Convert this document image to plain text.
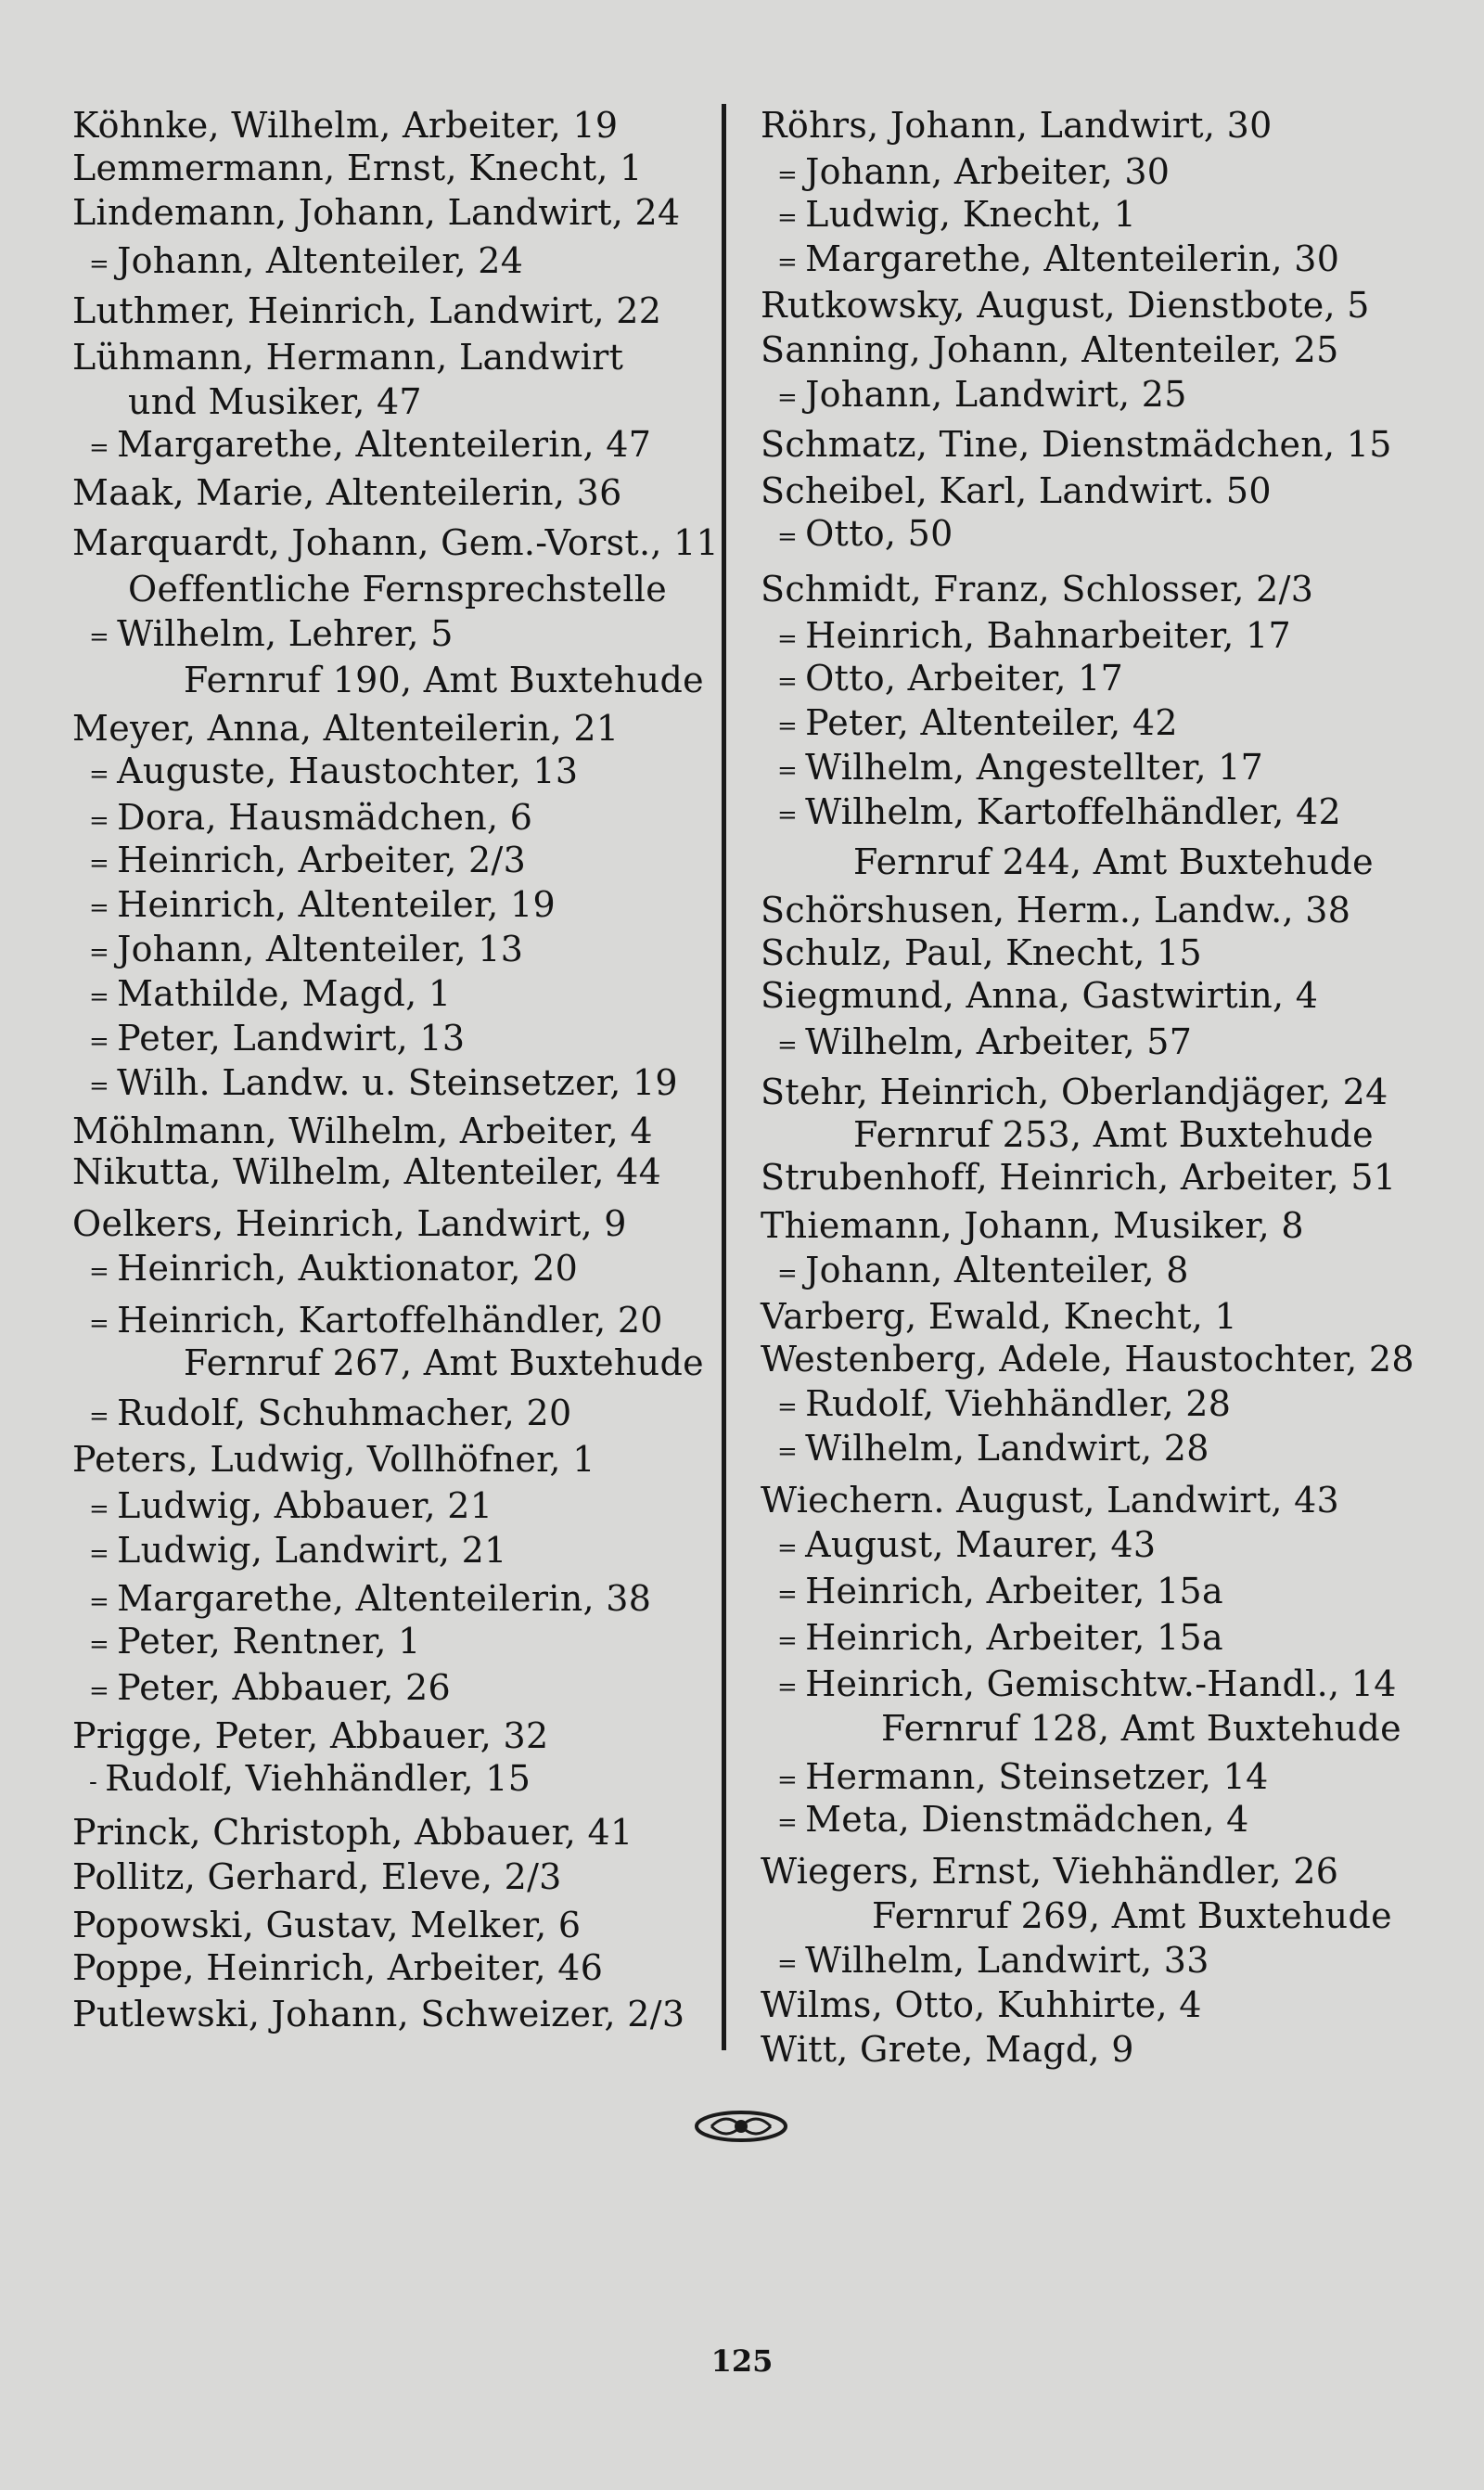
Köhnke, Wilhelm, Arbeiter, 19
Lemmermann, Ernst, Knecht, 1
Lindemann, Johann, Landwirt, 24
= Johann, Altenteiler, 24
Luthmer, Heinrich, Landwirt, 22
Lühmann, Hermann, Landwirt
und Musiker, 47
= Margarethe, Altenteilerin, 47
Maak, Marie, Altenteilerin, 36
Marquardt, Johann, Gem.-Vorst., 11
Oeffentliche Fernsprechstelle
= Wilhelm, Lehrer, 5
Fernruf 190, Amt Buxtehude
Meyer, Anna, Altenteilerin, 21
= Auguste, Haustochter, 13
= Dora, Hausmädchen, 6
= Heinrich, Arbeiter, 2/3
= Heinrich, Altenteiler, 19
= Johann, Altenteiler, 13
= Mathilde, Magd, 1
= Peter, Landwirt, 13
= Wilh. Landw. u. Steinsetzer, 19
Möhlmann, Wilhelm, Arbeiter, 4
Nikutta, Wilhelm, Altenteiler, 44
Oelkers, Heinrich, Landwirt, 9
= Heinrich, Auktionator, 20
= Heinrich, Kartoffelhändler, 20
Fernruf 267, Amt Buxtehude
= Rudolf, Schuhmacher, 20
Peters, Ludwig, Vollhöfner, 1
= Ludwig, Abbauer, 21
= Ludwig, Landwirt, 21
= Margarethe, Altenteilerin, 38
= Peter, Rentner, 1
= Peter, Abbauer, 26
Prigge, Peter, Abbauer, 32
- Rudolf, Viehhändler, 15
Princk, Christoph, Abbauer, 41
Pollitz, Gerhard, Eleve, 2/3
Popowski, Gustav, Melker, 6
Poppe, Heinrich, Arbeiter, 46
Putlewski, Johann, Schweizer, 2/3
Röhrs, Johann, Landwirt, 30
= Johann, Arbeiter, 30
= Ludwig, Knecht, 1
= Margarethe, Altenteilerin, 30
Rutkowsky, August, Dienstbote, 5
Sanning, Johann, Altenteiler, 25
= Johann, Landwirt, 25
Schmatz, Tine, Dienstmädchen, 15
Scheibel, Karl, Landwirt. 50
= Otto, 50
Schmidt, Franz, Schlosser, 2/3
= Heinrich, Bahnarbeiter, 17
= Otto, Arbeiter, 17
= Peter, Altenteiler, 42
= Wilhelm, Angestellter, 17
= Wilhelm, Kartoffelhändler, 42
Fernruf 244, Amt Buxtehude
Schörshusen, Herm., Landw., 38
Schulz, Paul, Knecht, 15
Siegmund, Anna, Gastwirtin, 4
= Wilhelm, Arbeiter, 57
Stehr, Heinrich, Oberlandjäger, 24
Fernruf 253, Amt Buxtehude
Strubenhoff, Heinrich, Arbeiter, 51
Thiemann, Johann, Musiker, 8
= Johann, Altenteiler, 8
Varberg, Ewald, Knecht, 1
Westenberg, Adele, Haustochter, 28
= Rudolf, Viehhändler, 28
= Wilhelm, Landwirt, 28
Wiechern. August, Landwirt, 43
= August, Maurer, 43
= Heinrich, Arbeiter, 15a
= Heinrich, Arbeiter, 15a
= Heinrich, Gemischtw.-Handl., 14
Fernruf 128, Amt Buxtehude
= Hermann, Steinsetzer, 14
= Meta, Dienstmädchen, 4
Wiegers, Ernst, Viehhändler, 26
Fernruf 269, Amt Buxtehude
= Wilhelm, Landwirt, 33
Wilms, Otto, Kuhhirte, 4
Witt, Grete, Magd, 9
125
